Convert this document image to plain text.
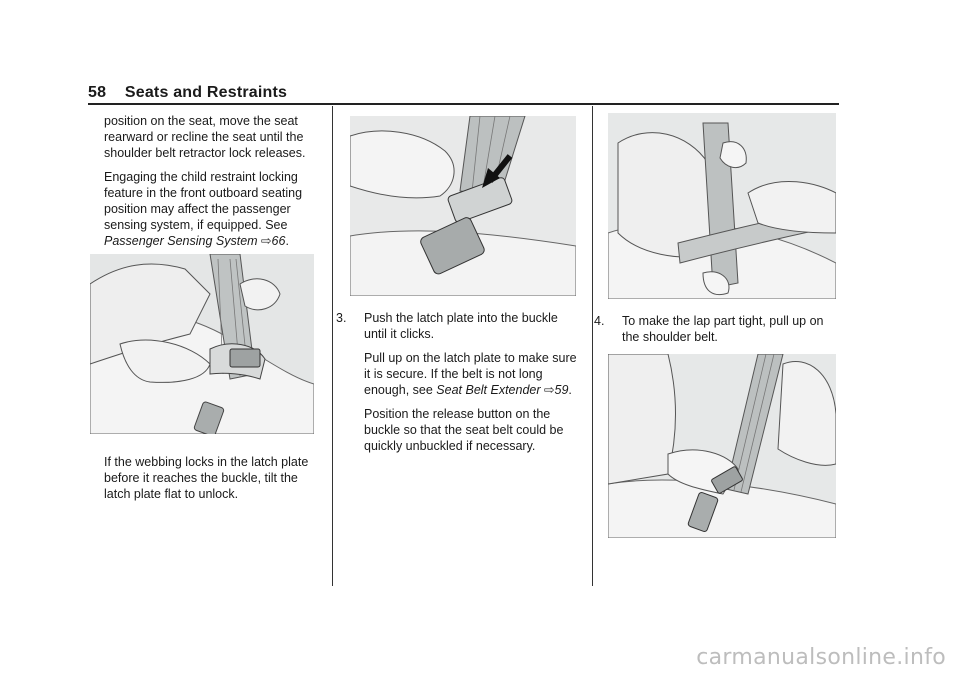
58 Seats and Restraints

position on the seat, move the seat rearward or recline the seat until the shoulder belt retractor lock releases.

Engaging the child restraint locking feature in the front outboard seating position may affect the passenger sensing system, if equipped. See Passenger Sensing System ⇨66.

If the webbing locks in the latch plate before it reaches the buckle, tilt the latch plate flat to unlock.

3. Push the latch plate into the buckle until it clicks.

Pull up on the latch plate to make sure it is secure. If the belt is not long enough, see Seat Belt Extender ⇨59.

Position the release button on the buckle so that the seat belt could be quickly unbuckled if necessary.

4. To make the lap part tight, pull up on the shoulder belt.

carmanualsonline.info
